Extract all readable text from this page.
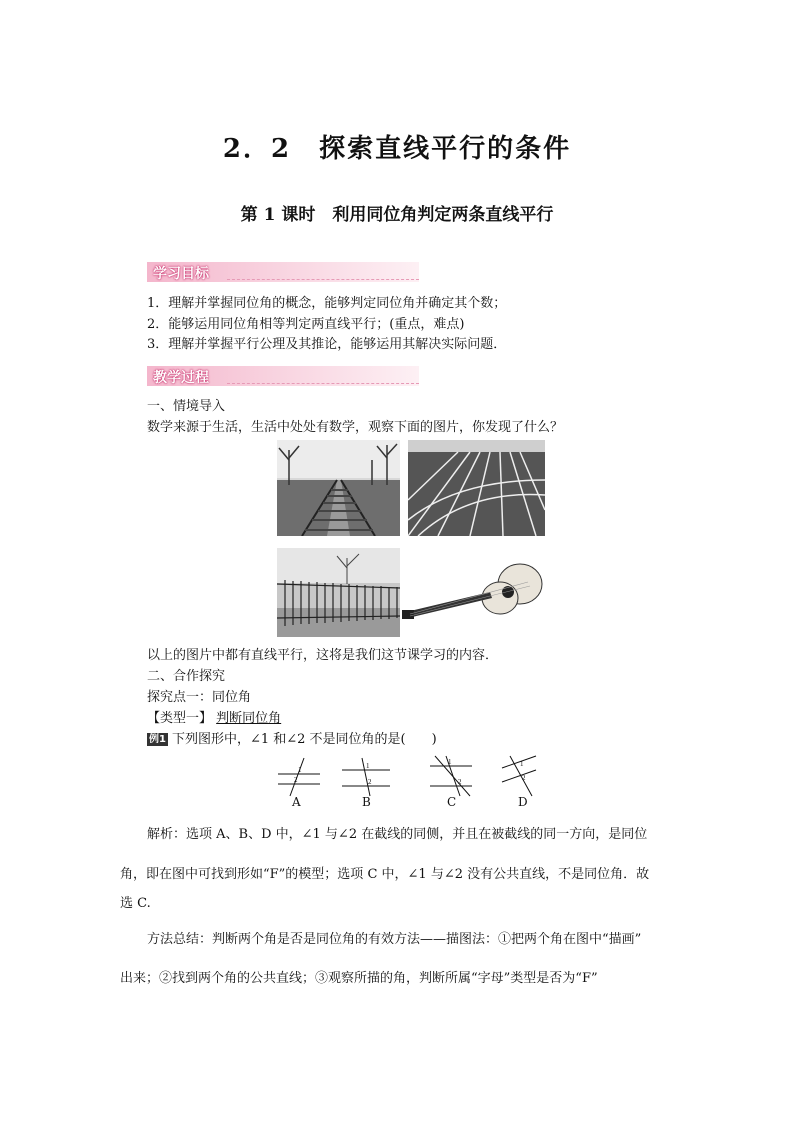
2．2　探索直线平行的条件
第 1 课时　利用同位角判定两条直线平行
学习目标
1．理解并掌握同位角的概念，能够判定同位角并确定其个数；
2．能够运用同位角相等判定两直线平行；(重点，难点)
3．理解并掌握平行公理及其推论，能够运用其解决实际问题．
教学过程
一、情境导入
数学来源于生活，生活中处处有数学，观察下面的图片，你发现了什么？
以上的图片中都有直线平行，这将是我们这节课学习的内容．
二、合作探究
探究点一：同位角
【类型一】 判断同位角
例1 下列图形中，∠1 和∠2 不是同位角的是(　　)
1
2
1
2
1
2
1
2
A	B	C	D
解析：选项 A、B、D 中，∠1 与∠2 在截线的同侧，并且在被截线的同一方向，是同位
角，即在图中可找到形如“F”的模型；选项 C 中，∠1 与∠2 没有公共直线，不是同位角．故
选 C.
方法总结：判断两个角是否是同位角的有效方法——描图法：①把两个角在图中“描画”
出来；②找到两个角的公共直线；③观察所描的角，判断所属“字母”类型是否为“F”
